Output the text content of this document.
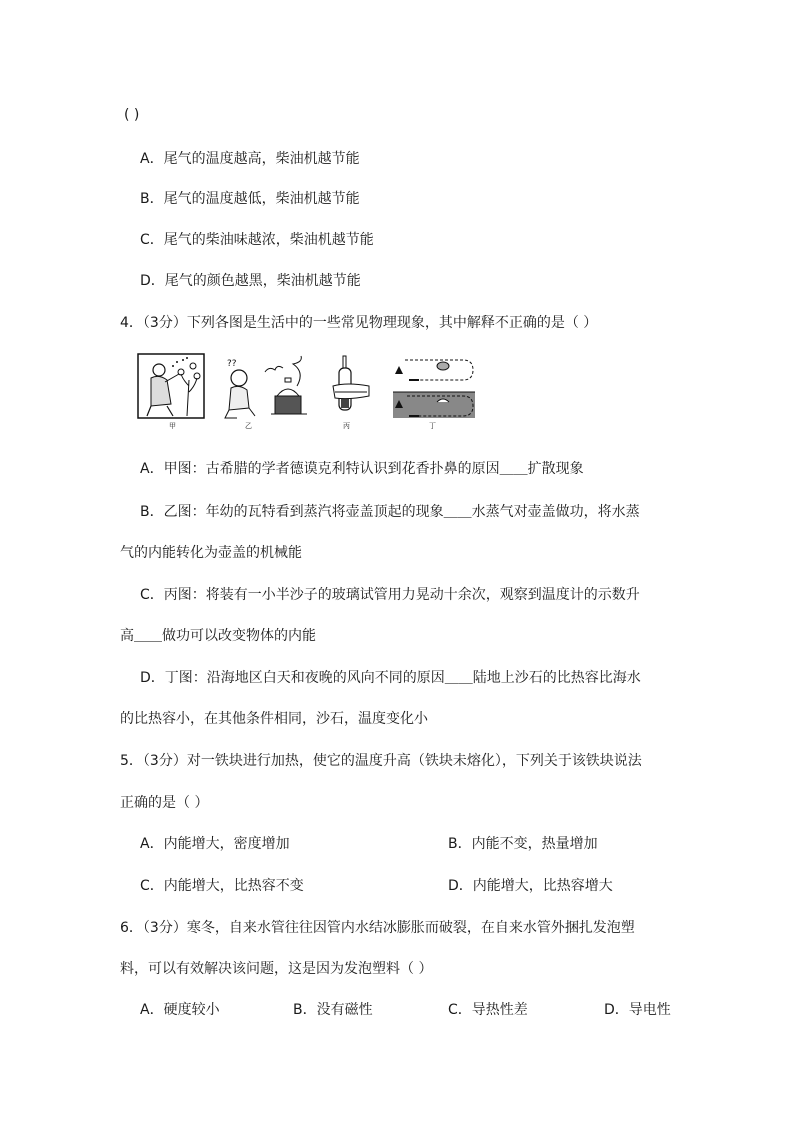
( )
A．尾气的温度越高，柴油机越节能
B．尾气的温度越低，柴油机越节能
C．尾气的柴油味越浓，柴油机越节能
D．尾气的颜色越黑，柴油机越节能
4．（3分）下列各图是生活中的一些常见物理现象，其中解释不正确的是（ ）
甲
??
乙	丙	丁
A．甲图：古希腊的学者德谟克利特认识到花香扑鼻的原因＿＿扩散现象
B．乙图：年幼的瓦特看到蒸汽将壶盖顶起的现象＿＿水蒸气对壶盖做功，将水蒸
气的内能转化为壶盖的机械能
C．丙图：将装有一小半沙子的玻璃试管用力晃动十余次，观察到温度计的示数升
高＿＿做功可以改变物体的内能
D．丁图：沿海地区白天和夜晚的风向不同的原因＿＿陆地上沙石的比热容比海水
的比热容小，在其他条件相同，沙石，温度变化小
5．（3分）对一铁块进行加热，使它的温度升高（铁块未熔化），下列关于该铁块说法
正确的是（ ）
A．内能增大，密度增加	B．内能不变，热量增加
C．内能增大，比热容不变	D．内能增大，比热容增大
6．（3分）寒冬，自来水管往往因管内水结冰膨胀而破裂，在自来水管外捆扎发泡塑
料，可以有效解决该问题，这是因为发泡塑料（ ）
A．硬度较小	B．没有磁性	C．导热性差	D．导电性
